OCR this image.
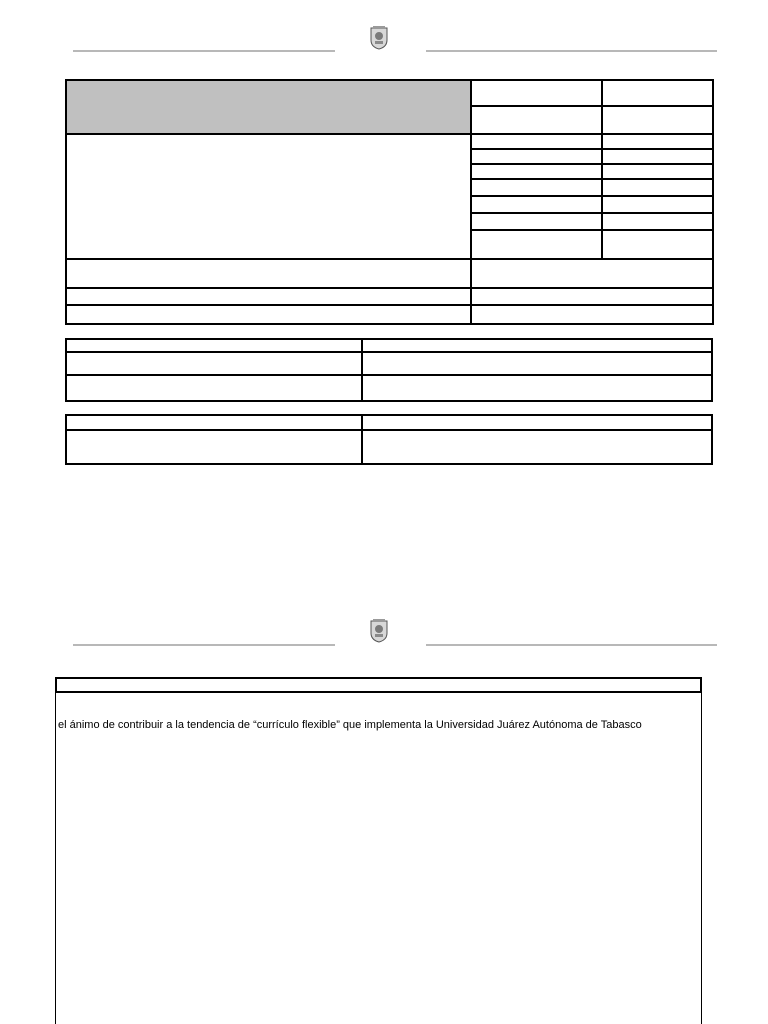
el ánimo de contribuir a la tendencia de “currículo flexible” que implementa la Universidad Juárez Autónoma de Tabasco
